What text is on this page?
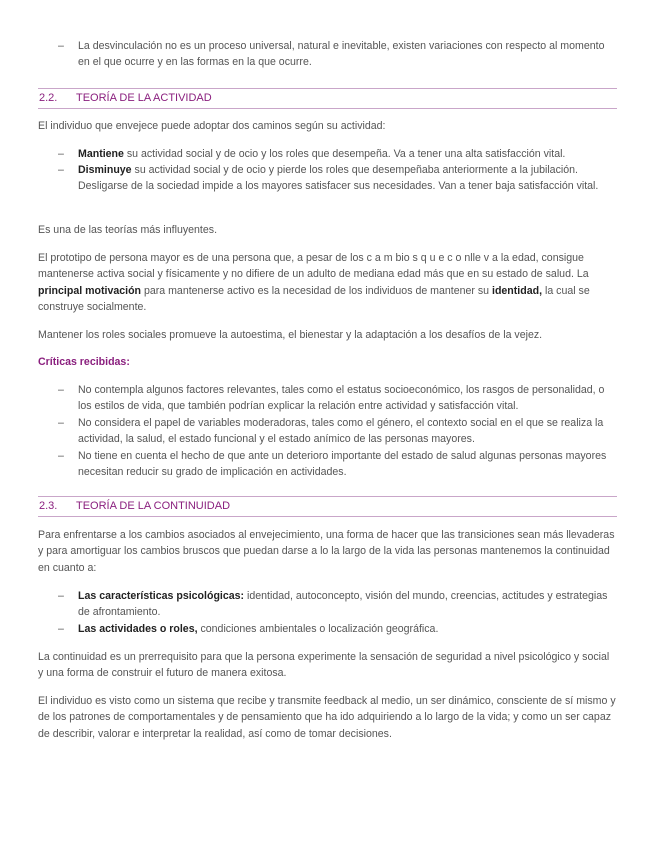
– La desvinculación no es un proceso universal, natural e inevitable, existen variaciones con respecto al momento en el que ocurre y en las formas en la que ocurre.
2.2. TEORÍA DE LA ACTIVIDAD
El individuo que envejece puede adoptar dos caminos según su actividad:
– Mantiene su actividad social y de ocio y los roles que desempeña. Va a tener una alta satisfacción vital.
– Disminuye su actividad social y de ocio y pierde los roles que desempeñaba anteriormente a la jubilación. Desligarse de la sociedad impide a los mayores satisfacer sus necesidades. Van a tener baja satisfacción vital.
Es una de las teorías más influyentes.
El prototipo de persona mayor es de una persona que, a pesar de los c a m bio s q u e c o nlle v a la edad, consigue mantenerse activa social y físicamente y no difiere de un adulto de mediana edad más que en su estado de salud. La principal motivación para mantenerse activo es la necesidad de los individuos de mantener su identidad, la cual se construye socialmente.
Mantener los roles sociales promueve la autoestima, el bienestar y la adaptación a los desafíos de la vejez.
Críticas recibidas:
– No contempla algunos factores relevantes, tales como el estatus socioeconómico, los rasgos de personalidad, o los estilos de vida, que también podrían explicar la relación entre actividad y satisfacción vital.
– No considera el papel de variables moderadoras, tales como el género, el contexto social en el que se realiza la actividad, la salud, el estado funcional y el estado anímico de las personas mayores.
– No tiene en cuenta el hecho de que ante un deterioro importante del estado de salud algunas personas mayores necesitan reducir su grado de implicación en actividades.
2.3. TEORÍA DE LA CONTINUIDAD
Para enfrentarse a los cambios asociados al envejecimiento, una forma de hacer que las transiciones sean más llevaderas y para amortiguar los cambios bruscos que puedan darse a lo la largo de la vida las personas mantenemos la continuidad en cuanto a:
– Las características psicológicas: identidad, autoconcepto, visión del mundo, creencias, actitudes y estrategias de afrontamiento.
– Las actividades o roles, condiciones ambientales o localización geográfica.
La continuidad es un prerrequisito para que la persona experimente la sensación de seguridad a nivel psicológico y social y una forma de construir el futuro de manera exitosa.
El individuo es visto como un sistema que recibe y transmite feedback al medio, un ser dinámico, consciente de sí mismo y de los patrones de comportamentales y de pensamiento que ha ido adquiriendo a lo largo de la vida; y como un ser capaz de describir, valorar e interpretar la realidad, así como de tomar decisiones.
